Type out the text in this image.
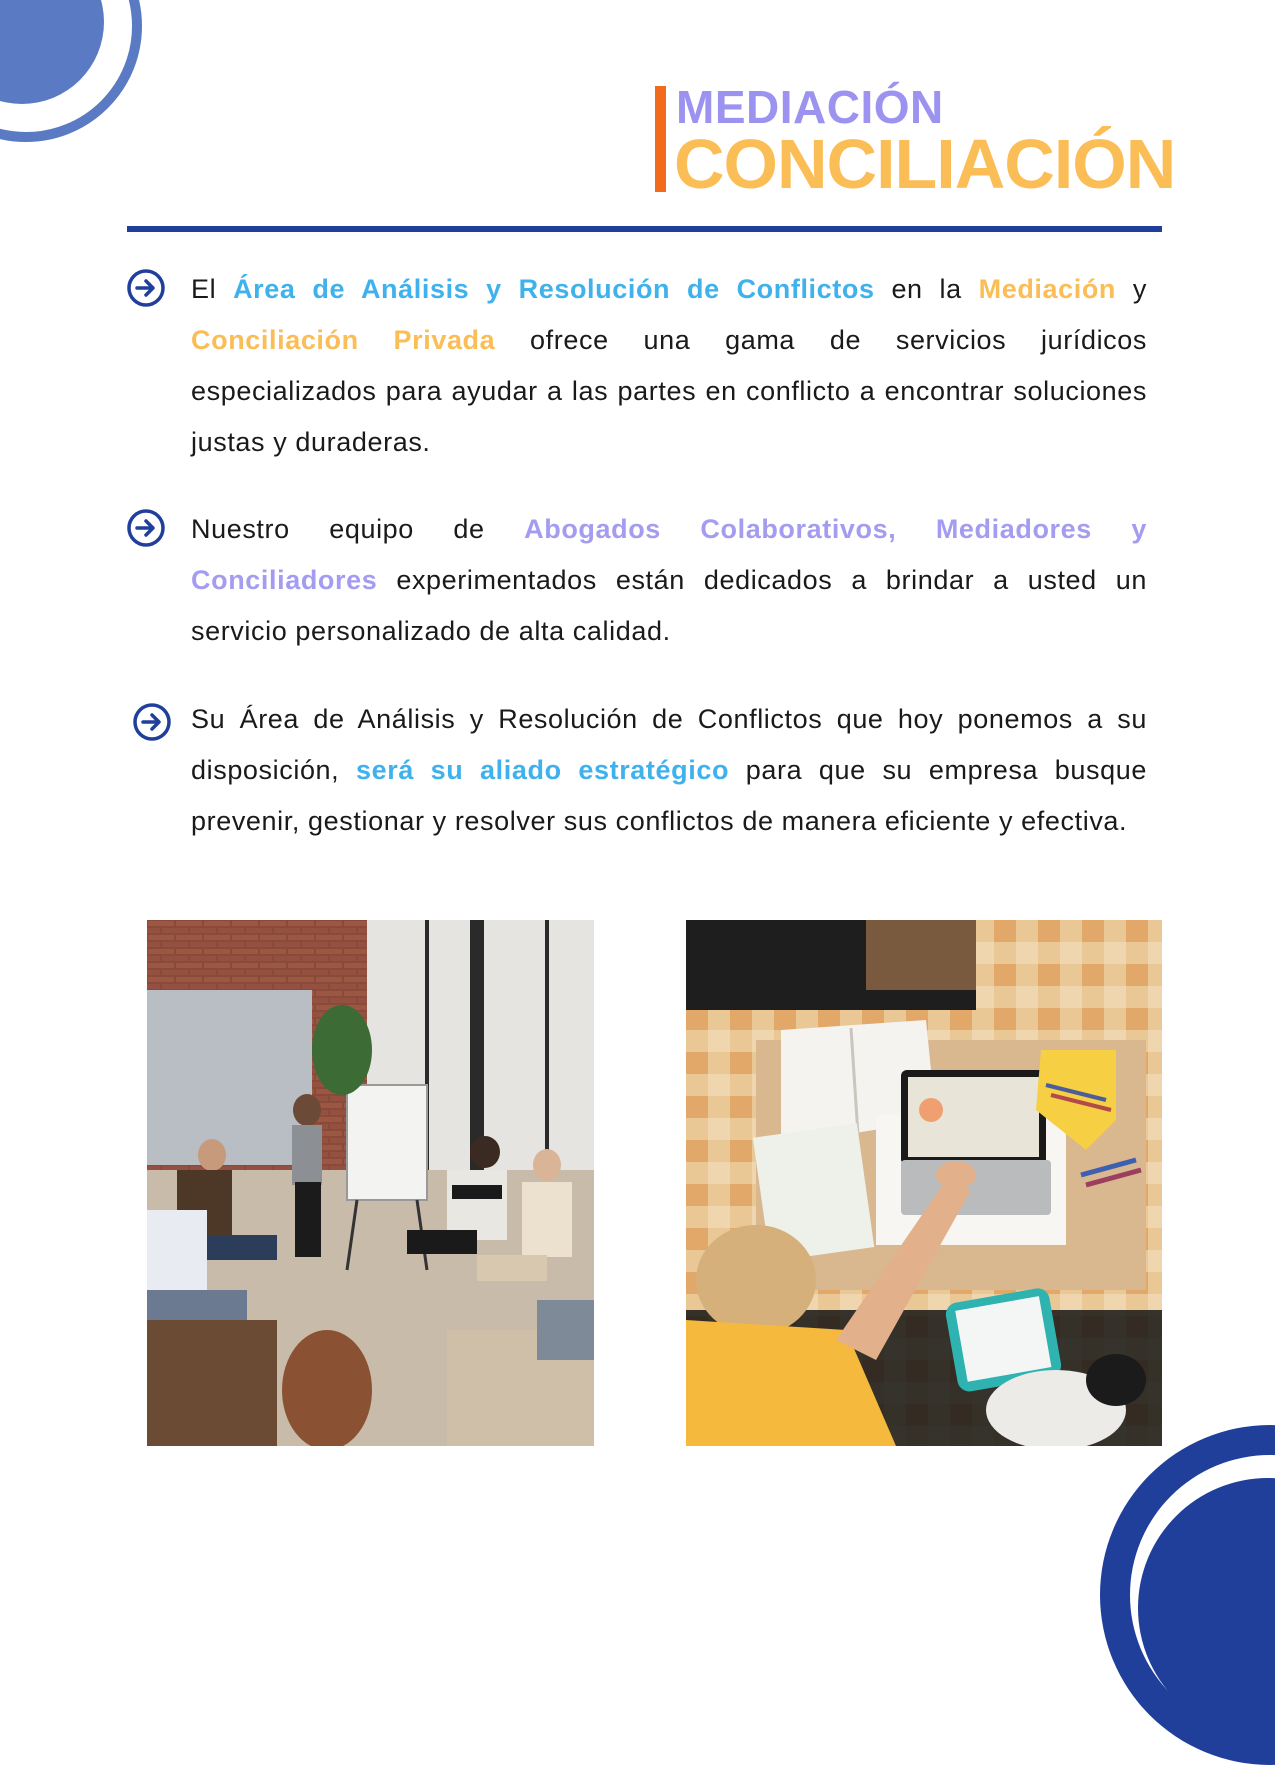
MEDIACIÓN
CONCILIACIÓN
El Área de Análisis y Resolución de Conflictos en la Mediación y Conciliación Privada ofrece una gama de servicios jurídicos especializados para ayudar a las partes en conflicto a encontrar soluciones justas y duraderas.
Nuestro equipo de Abogados Colaborativos, Mediadores y Conciliadores experimentados están dedicados a brindar a usted un servicio personalizado de alta calidad.
Su Área de Análisis y Resolución de Conflictos que hoy ponemos a su disposición, será su aliado estratégico para que su empresa busque prevenir, gestionar y resolver sus conflictos de manera eficiente y efectiva.
